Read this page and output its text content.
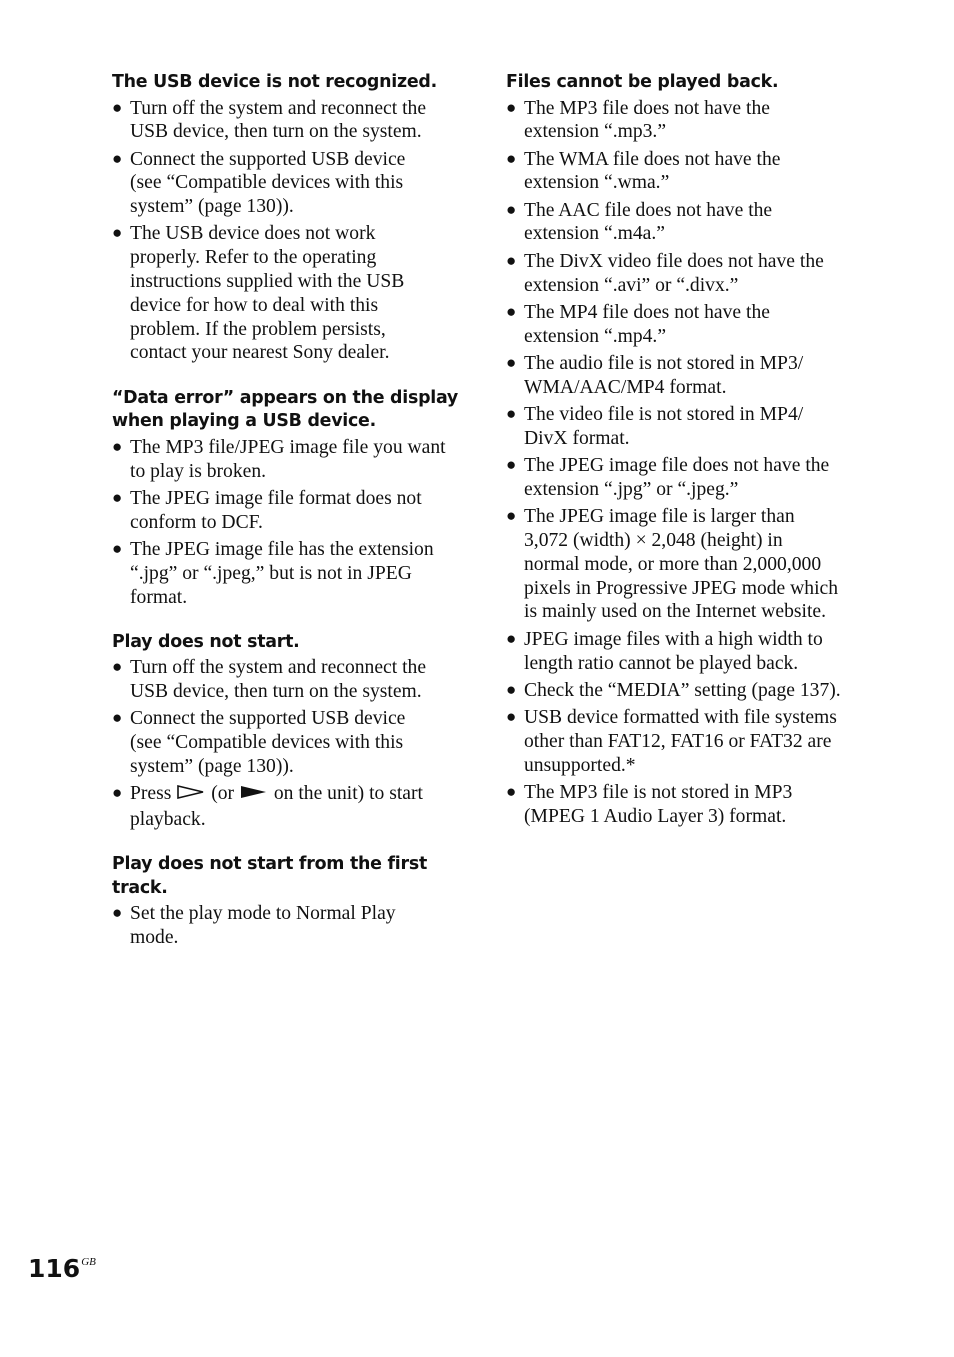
The USB device is not recognized.
● Turn off the system and reconnect the
USB device, then turn on the system.
● Connect the supported USB device
(see “Compatible devices with this
system” (page 130)).
● The USB device does not work
properly. Refer to the operating
instructions supplied with the USB
device for how to deal with this
problem. If the problem persists,
contact your nearest Sony dealer.
“Data error” appears on the display
when playing a USB device.
● The MP3 file/JPEG image file you want
to play is broken.
● The JPEG image file format does not
conform to DCF.
● The JPEG image file has the extension
“.jpg” or “.jpeg,” but is not in JPEG
format.
Play does not start.
● Turn off the system and reconnect the
USB device, then turn on the system.
● Connect the supported USB device
(see “Compatible devices with this
system” (page 130)).
● Press (or on the unit) to start
playback.
Play does not start from the first
track.
● Set the play mode to Normal Play
mode.
Files cannot be played back.
● The MP3 file does not have the
extension “.mp3.”
● The WMA file does not have the
extension “.wma.”
● The AAC file does not have the
extension “.m4a.”
● The DivX video file does not have the
extension “.avi” or “.divx.”
● The MP4 file does not have the
extension “.mp4.”
● The audio file is not stored in MP3/
WMA/AAC/MP4 format.
● The video file is not stored in MP4/
DivX format.
● The JPEG image file does not have the
extension “.jpg” or “.jpeg.”
● The JPEG image file is larger than
3,072 (width) × 2,048 (height) in
normal mode, or more than 2,000,000
pixels in Progressive JPEG mode which
is mainly used on the Internet website.
● JPEG image files with a high width to
length ratio cannot be played back.
● Check the “MEDIA” setting (page 137).
● USB device formatted with file systems
other than FAT12, FAT16 or FAT32 are
unsupported.*
● The MP3 file is not stored in MP3
(MPEG 1 Audio Layer 3) format.
$116^{GB}$
